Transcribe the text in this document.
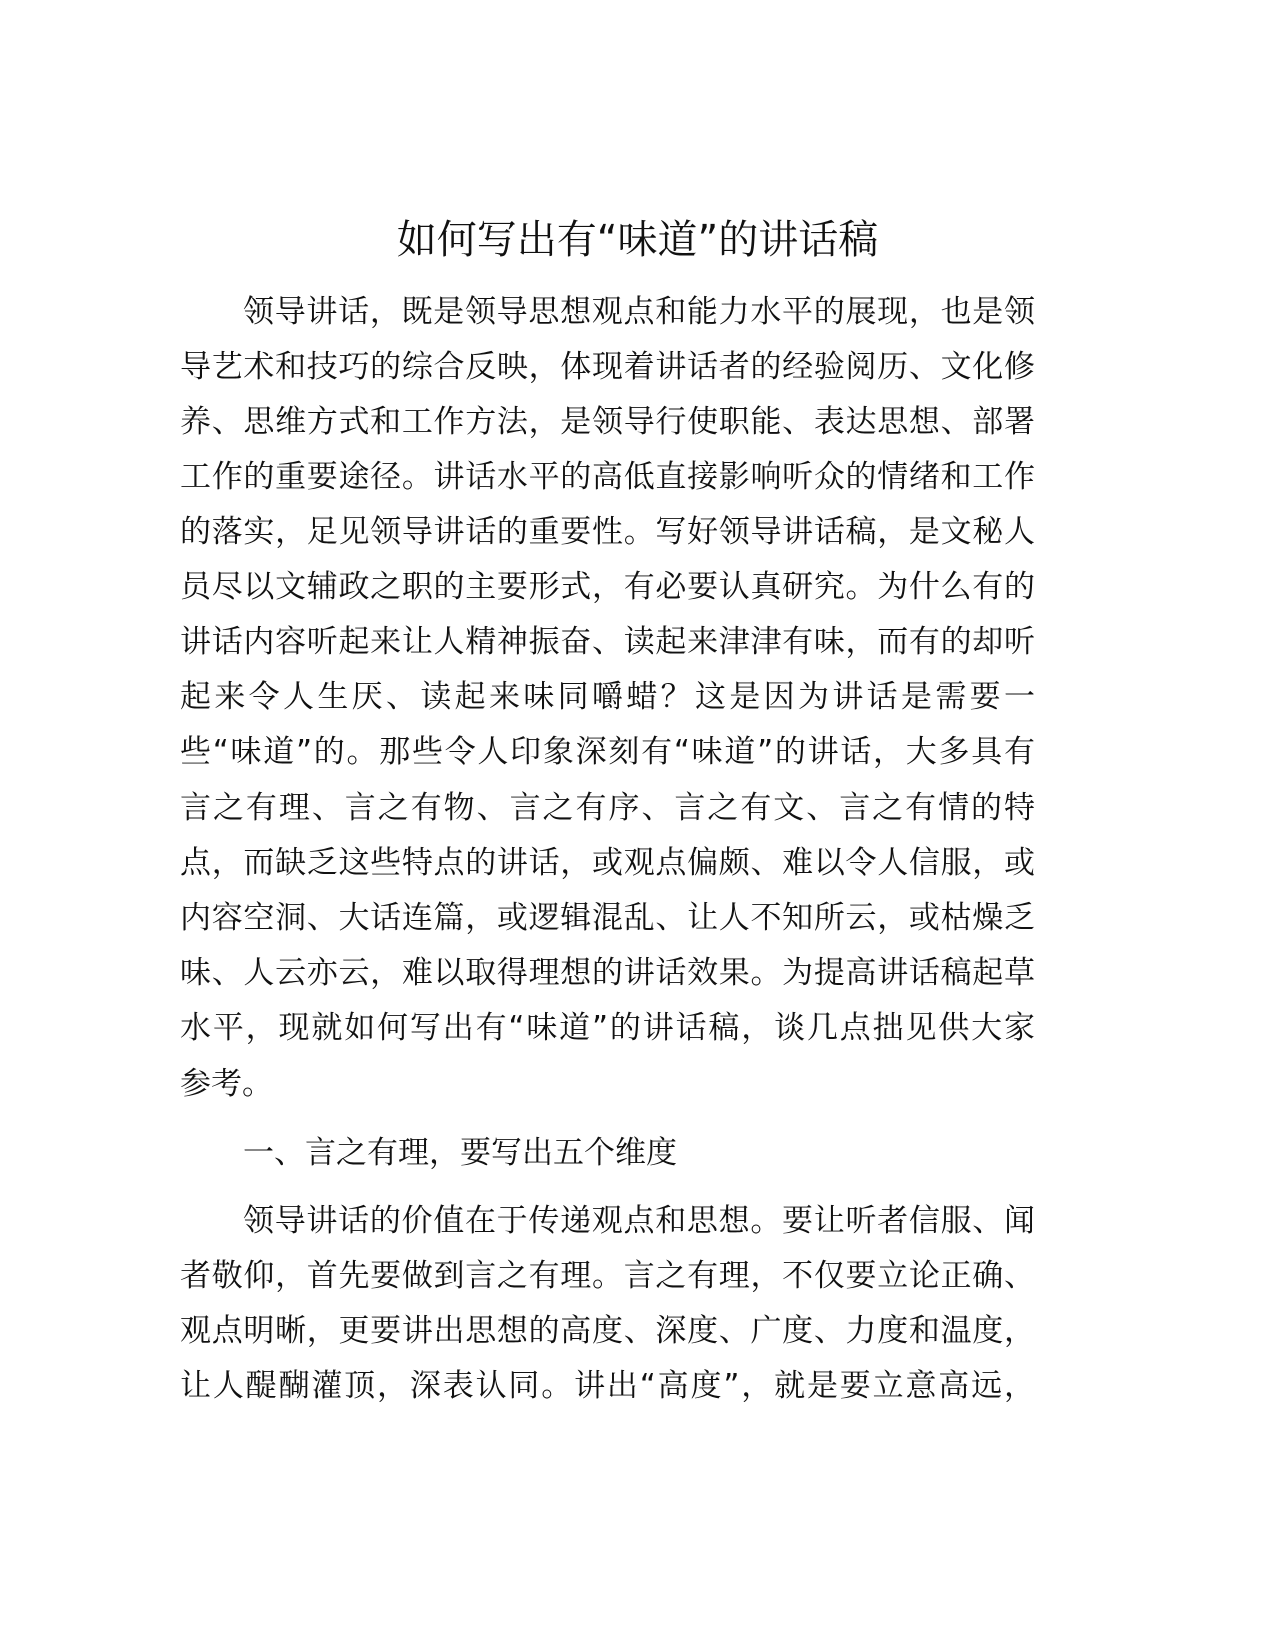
如何写出有“味道”的讲话稿
领导讲话，既是领导思想观点和能力水平的展现，也是领
导艺术和技巧的综合反映，体现着讲话者的经验阅历、文化修
养、思维方式和工作方法，是领导行使职能、表达思想、部署
工作的重要途径。讲话水平的高低直接影响听众的情绪和工作
的落实，足见领导讲话的重要性。写好领导讲话稿，是文秘人
员尽以文辅政之职的主要形式，有必要认真研究。为什么有的
讲话内容听起来让人精神振奋、读起来津津有味，而有的却听
起来令人生厌、读起来味同嚼蜡？这是因为讲话是需要一
些“味道”的。那些令人印象深刻有“味道”的讲话，大多具有
言之有理、言之有物、言之有序、言之有文、言之有情的特
点，而缺乏这些特点的讲话，或观点偏颇、难以令人信服，或
内容空洞、大话连篇，或逻辑混乱、让人不知所云，或枯燥乏
味、人云亦云，难以取得理想的讲话效果。为提高讲话稿起草
水平，现就如何写出有“味道”的讲话稿，谈几点拙见供大家
参考。
一、言之有理，要写出五个维度
领导讲话的价值在于传递观点和思想。要让听者信服、闻
者敬仰，首先要做到言之有理。言之有理，不仅要立论正确、
观点明晰，更要讲出思想的高度、深度、广度、力度和温度，
让人醍醐灌顶，深表认同。讲出“高度”，就是要立意高远，
